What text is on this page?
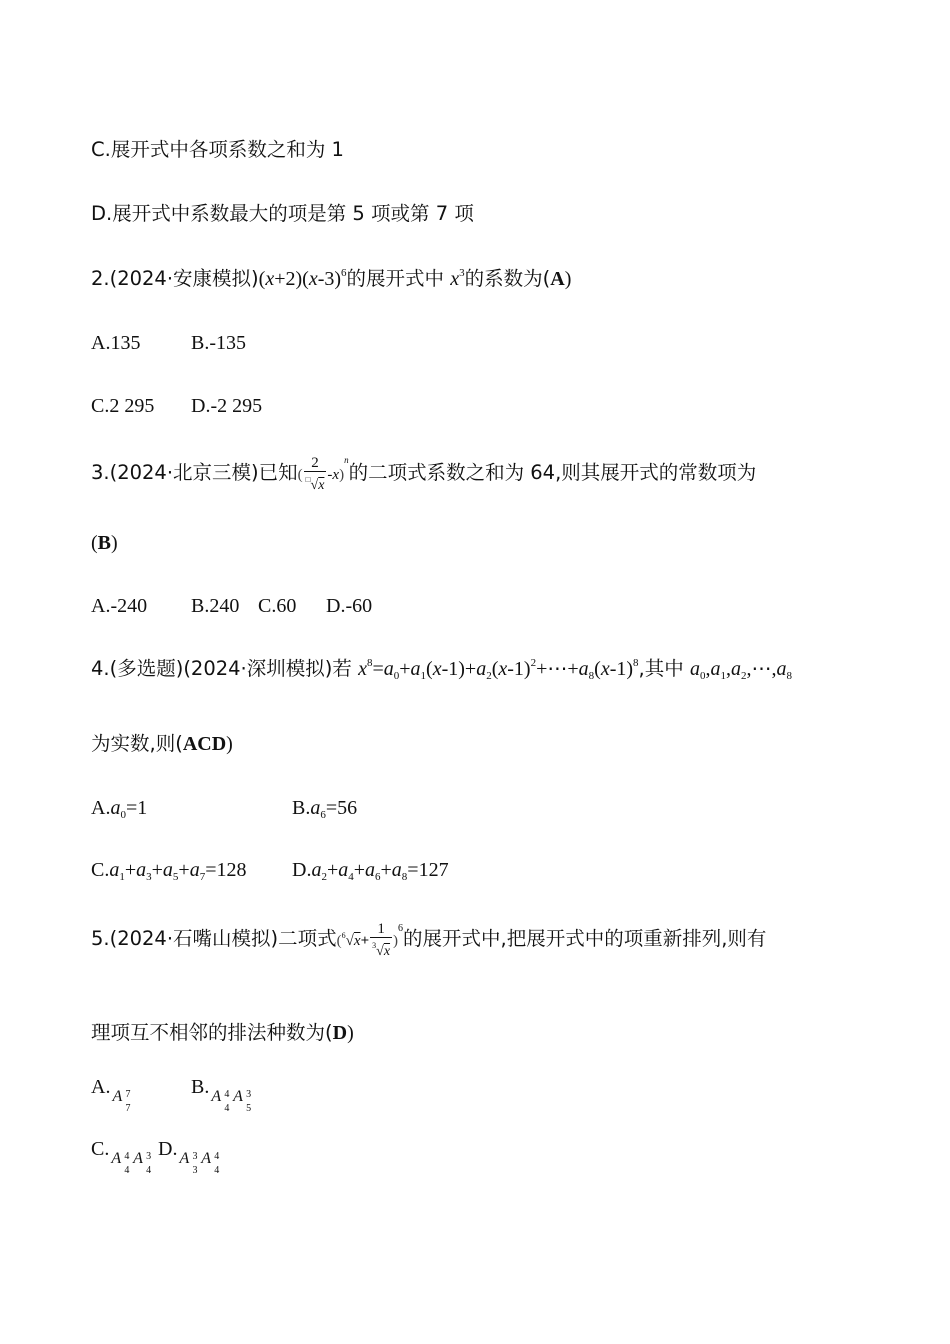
C.展开式中各项系数之和为 1
D.展开式中系数最大的项是第 5 项或第 7 项
2.(2024·安康模拟)$(x+2)(x-3)^6$的展开式中 $x^3$的系数为(A)
A.135	B.-135
C.2 295 D.-2 295
3.(2024·北京三模)已知( $\frac{2}{^□√x} -x)^n$的二项式系数之和为 64,则其展开式的常数项为
(B)
A.-240 B.240 C.60 D.-60
4.(多选题)(2024·深圳模拟)若 $x^8=a_0+a_1(x-1)+a_2(x-1)^2+\cdots+a_8(x-1)^8$,其中 $a_0,a_1,a_2,\cdots,a_8$
为实数,则(ACD)
$A.a_0=1$	$B.a_6=56$
$C.a_1+a_3+a_5+a_7=128$ $D.a_2+a_4+a_6+a_8=127$
5.(2024·石嘴山模拟)二项式$(^6√x+ \frac{1}{^3√x} )^6$的展开式中,把展开式中的项重新排列,则有
理项互不相邻的排法种数为(D)
A. $_{A 7 7}$
B. $_{A 4 4}$
$_{A 3 5}$
C. $_{A 4 4}$
$_{A 3 4}$
D. $_{A 3 3}$
$_{A 4 4}$
